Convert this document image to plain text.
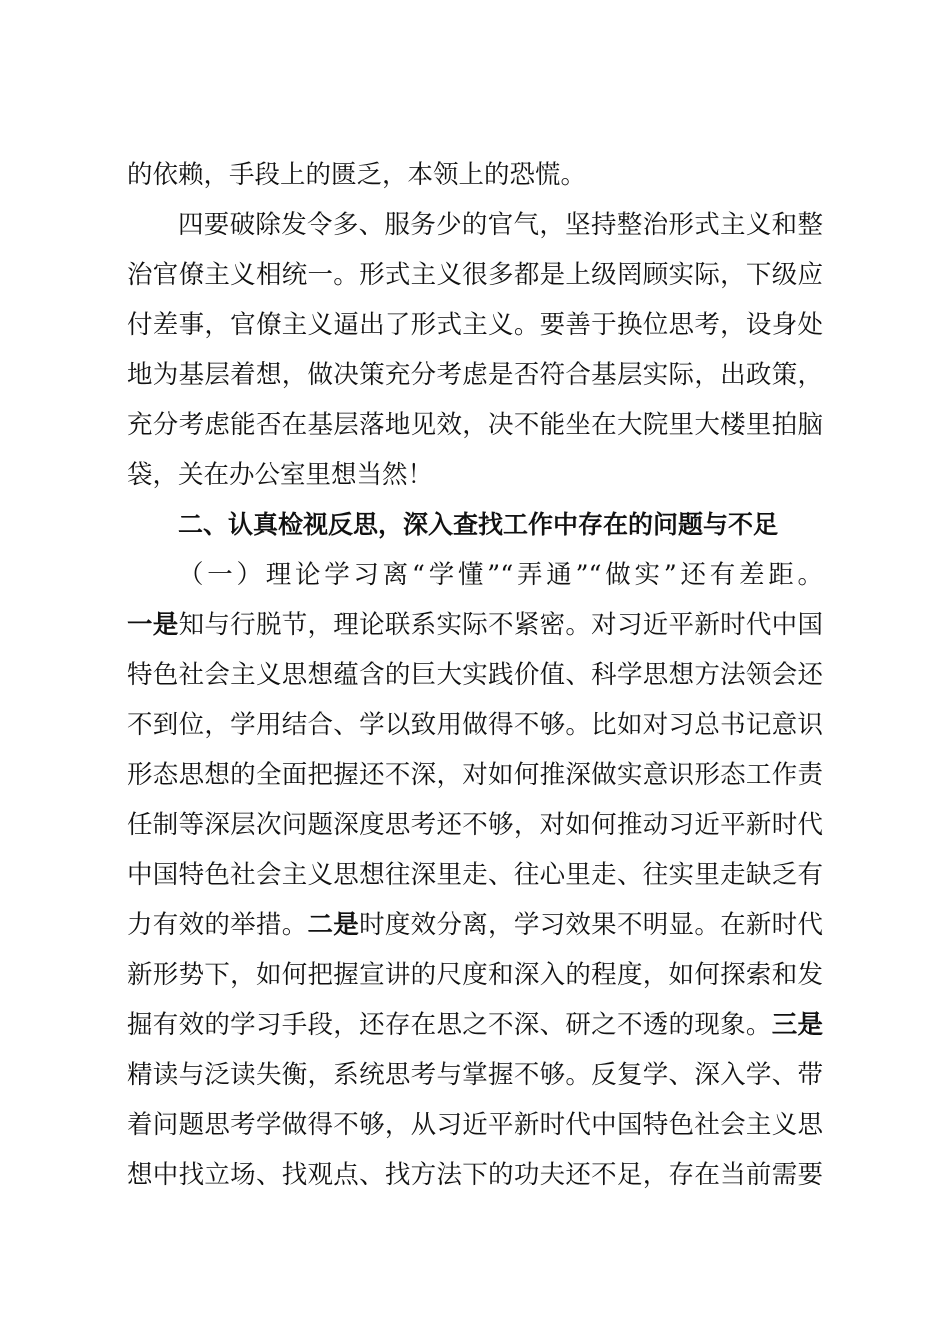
的依赖，手段上的匮乏，本领上的恐慌。
四要破除发令多、服务少的官气，坚持整治形式主义和整
治官僚主义相统一。形式主义很多都是上级罔顾实际，下级应
付差事，官僚主义逼出了形式主义。要善于换位思考，设身处
地为基层着想，做决策充分考虑是否符合基层实际，出政策，
充分考虑能否在基层落地见效，决不能坐在大院里大楼里拍脑
袋，关在办公室里想当然！
二、认真检视反思，深入查找工作中存在的问题与不足
（一）理论学习离“学懂”“弄通”“做实”还有差距。
一是知与行脱节，理论联系实际不紧密。对习近平新时代中国
特色社会主义思想蕴含的巨大实践价值、科学思想方法领会还
不到位，学用结合、学以致用做得不够。比如对习总书记意识
形态思想的全面把握还不深，对如何推深做实意识形态工作责
任制等深层次问题深度思考还不够，对如何推动习近平新时代
中国特色社会主义思想往深里走、往心里走、往实里走缺乏有
力有效的举措。二是时度效分离，学习效果不明显。在新时代
新形势下，如何把握宣讲的尺度和深入的程度，如何探索和发
掘有效的学习手段，还存在思之不深、研之不透的现象。三是
精读与泛读失衡，系统思考与掌握不够。反复学、深入学、带
着问题思考学做得不够，从习近平新时代中国特色社会主义思
想中找立场、找观点、找方法下的功夫还不足，存在当前需要
